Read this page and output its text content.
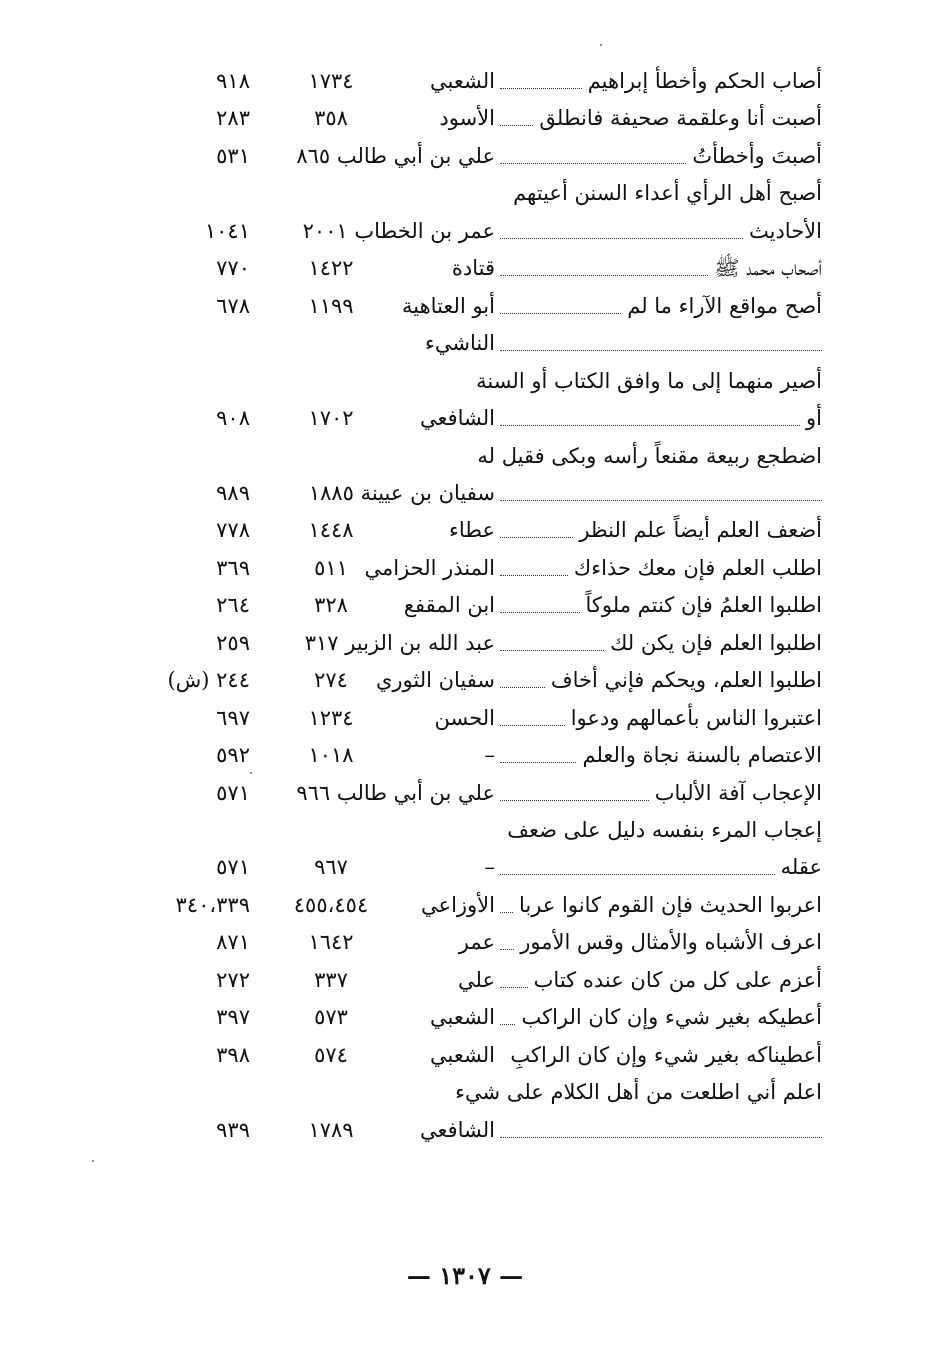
أصاب الحكم وأخطأ إبراهيم
الشعبي
١٧٣٤
٩١٨
أصبت أنا وعلقمة صحيفة فانطلق
الأسود
٣٥٨
٢٨٣
أصبتَ وأخطأتُ
علي بن أبي طالب ٨٦٥
٥٣١
أصبح أهل الرأي أعداء السنن أعيتهم
الأحاديث
عمر بن الخطاب ٢٠٠١
١٠٤١
أصحاب محمد ﷺ
قتادة
١٤٢٢
٧٧٠
أصح مواقع الآراء ما لم
أبو العتاهية
١١٩٩
٦٧٨
الناشيء
أصير منهما إلى ما وافق الكتاب أو السنة
أو
الشافعي
١٧٠٢
٩٠٨
اضطجع ربيعة مقنعاً رأسه وبكى فقيل له
سفيان بن عيينة ١٨٨٥
٩٨٩
أضعف العلم أيضاً علم النظر
عطاء
١٤٤٨
٧٧٨
اطلب العلم فإن معك حذاءك
المنذر الحزامي
٥١١
٣٦٩
اطلبوا العلمُ فإن كنتم ملوكاً
ابن المقفع
٣٢٨
٢٦٤
اطلبوا العلم فإن يكن لك
عبد الله بن الزبير ٣١٧
٢٥٩
اطلبوا العلم، ويحكم فإني أخاف
سفيان الثوري
٢٧٤
٢٤٤ (ش)
اعتبروا الناس بأعمالهم ودعوا
الحسن
١٢٣٤
٦٩٧
الاعتصام بالسنة نجاة والعلم
–
١٠١٨
٥٩٢
الإعجاب آفة الألباب
علي بن أبي طالب ٩٦٦
٥٧١
إعجاب المرء بنفسه دليل على ضعف
عقله
–
٩٦٧
٥٧١
اعربوا الحديث فإن القوم كانوا عربا
الأوزاعي
٤٥٥،٤٥٤
٣٤٠،٣٣٩
اعرف الأشباه والأمثال وقس الأمور
عمر
١٦٤٢
٨٧١
أعزم على كل من كان عنده كتاب
علي
٣٣٧
٢٧٢
أعطيكه بغير شيء وإن كان الراكب
الشعبي
٥٧٣
٣٩٧
أعطيناكه بغير شيء وإن كان الراكبِ
الشعبي
٥٧٤
٣٩٨
اعلم أني اطلعت من أهل الكلام على شيء
الشافعي
١٧٨٩
٩٣٩
— ١٣٠٧ —
